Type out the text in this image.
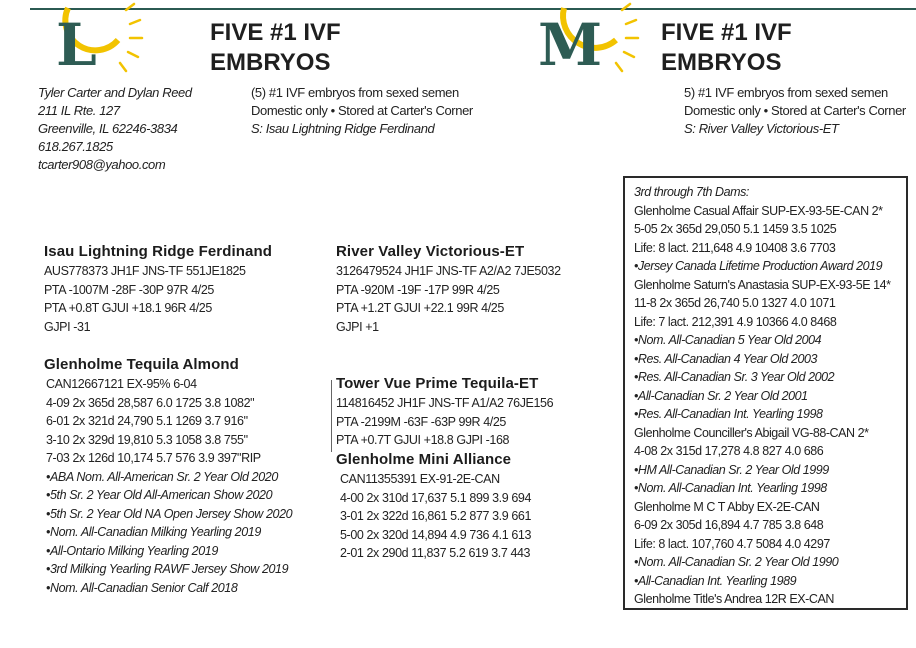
L	FIVE #1 IVF
EMBRYOS
Tyler Carter and Dylan Reed
211 IL Rte. 127
Greenville, IL 62246-3834
618.267.1825
tcarter908@yahoo.com
(5) #1 IVF embryos from sexed semen
Domestic only • Stored at Carter's Corner
S: Isau Lightning Ridge Ferdinand
M FIVE #1 IVF
EMBRYOS
5) #1 IVF embryos from sexed semen
Domestic only • Stored at Carter's Corner
S: River Valley Victorious-ET
Isau Lightning Ridge Ferdinand
AUS778373 JH1F JNS-TF 551JE1825
PTA -1007M -28F -30P 97R 4/25
PTA +0.8T GJUI +18.1 96R 4/25
GJPI -31
River Valley Victorious-ET
3126479524 JH1F JNS-TF A2/A2 7JE5032
PTA -920M -19F -17P 99R 4/25
PTA +1.2T GJUI +22.1 99R 4/25
GJPI +1
Glenholme Tequila Almond
CAN12667121 EX-95% 6-04
4-09 2x 365d 28,587 6.0 1725 3.8 1082"
6-01 2x 321d 24,790 5.1 1269 3.7 916"
3-10 2x 329d 19,810 5.3 1058 3.8 755"
7-03 2x 126d 10,174 5.7 576 3.9 397"RIP
•ABA Nom. All-American Sr. 2 Year Old 2020
•5th Sr. 2 Year Old All-American Show 2020
•5th Sr. 2 Year Old NA Open Jersey Show 2020
•Nom. All-Canadian Milking Yearling 2019
•All-Ontario Milking Yearling 2019
•3rd Milking Yearling RAWF Jersey Show 2019
•Nom. All-Canadian Senior Calf 2018
Tower Vue Prime Tequila-ET
114816452 JH1F JNS-TF A1/A2 76JE156
PTA -2199M -63F -63P 99R 4/25
PTA +0.7T GJUI +18.8 GJPI -168
Glenholme Mini Alliance
CAN11355391 EX-91-2E-CAN
4-00 2x 310d 17,637 5.1 899 3.9 694
3-01 2x 322d 16,861 5.2 877 3.9 661
5-00 2x 320d 14,894 4.9 736 4.1 613
2-01 2x 290d 11,837 5.2 619 3.7 443
3rd through 7th Dams:
Glenholme Casual Affair SUP-EX-93-5E-CAN 2*
5-05 2x 365d 29,050 5.1 1459 3.5 1025
Life: 8 lact. 211,648 4.9 10408 3.6 7703
•Jersey Canada Lifetime Production Award 2019
Glenholme Saturn's Anastasia SUP-EX-93-5E 14*
11-8 2x 365d 26,740 5.0 1327 4.0 1071
Life: 7 lact. 212,391 4.9 10366 4.0 8468
•Nom. All-Canadian 5 Year Old 2004
•Res. All-Canadian 4 Year Old 2003
•Res. All-Canadian Sr. 3 Year Old 2002
•All-Canadian Sr. 2 Year Old 2001
•Res. All-Canadian Int. Yearling 1998
Glenholme Counciller's Abigail VG-88-CAN 2*
4-08 2x 315d 17,278 4.8 827 4.0 686
•HM All-Canadian Sr. 2 Year Old 1999
•Nom. All-Canadian Int. Yearling 1998
Glenholme M C T Abby EX-2E-CAN
6-09 2x 305d 16,894 4.7 785 3.8 648
Life: 8 lact. 107,760 4.7 5084 4.0 4297
•Nom. All-Canadian Sr. 2 Year Old 1990
•All-Canadian Int. Yearling 1989
Glenholme Title's Andrea 12R EX-CAN
